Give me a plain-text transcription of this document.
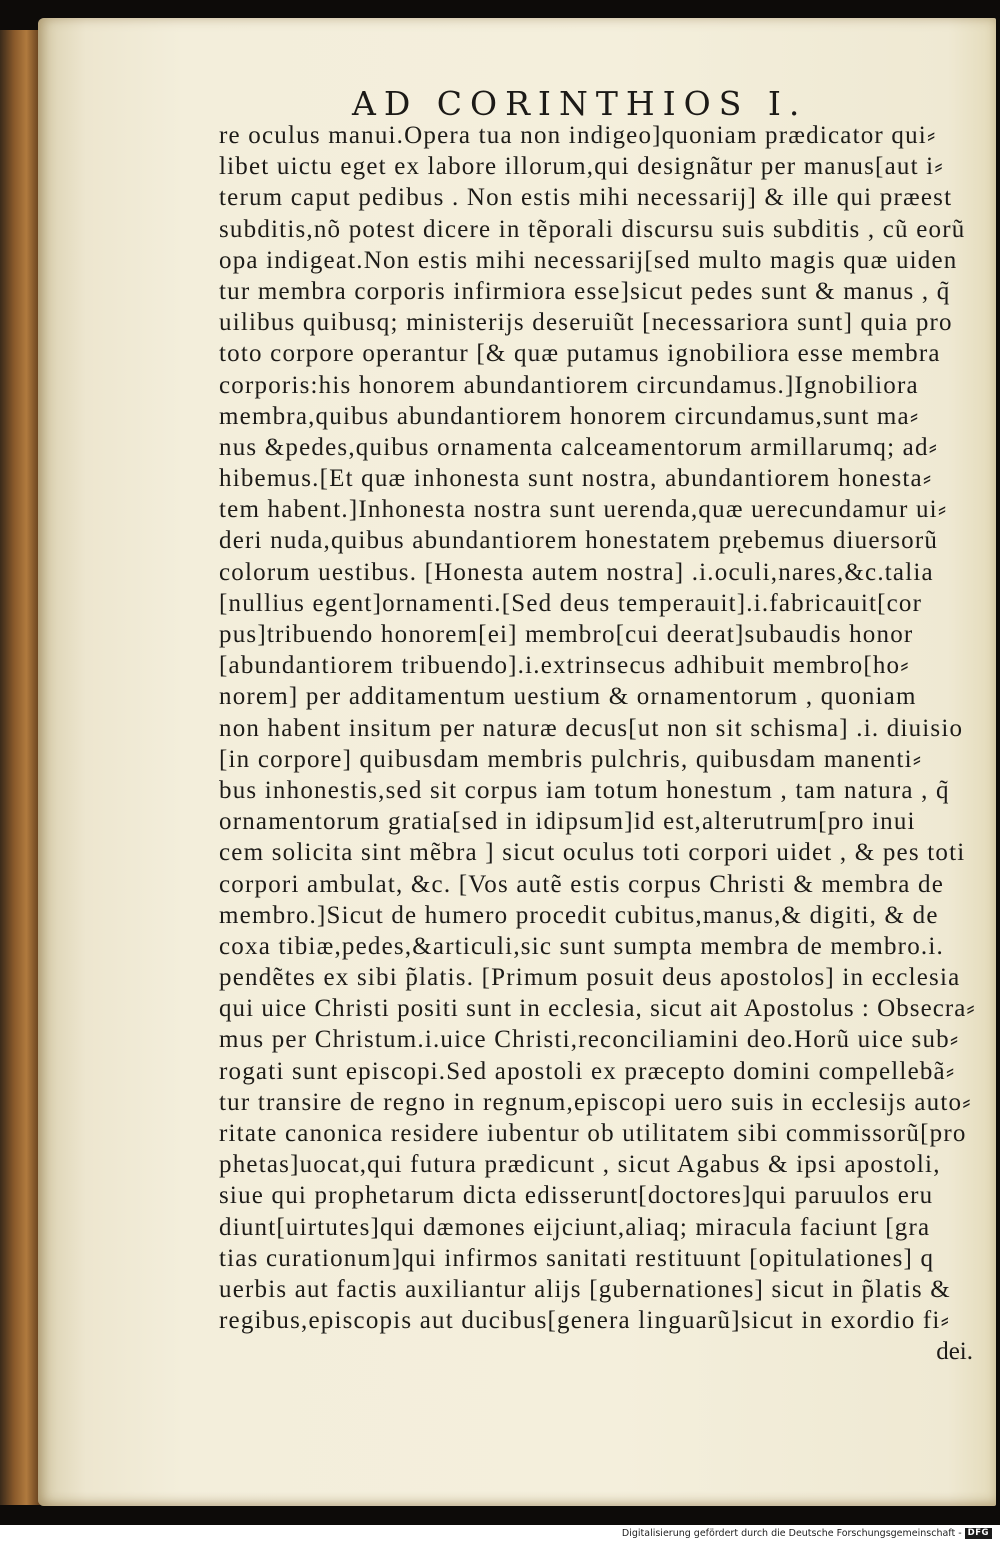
AD CORINTHIOS I.
re oculus manui.Opera tua non indigeo]quoniam prædicator qui⸗
libet uictu eget ex labore illorum,qui designãtur per manus[aut i⸗
terum caput pedibus . Non estis mihi necessarij] & ille qui præest
subditis,nõ potest dicere in tẽporali discursu suis subditis , cũ eorũ
opa indigeat.Non estis mihi necessarij[sed multo magis quæ uiden
tur membra corporis infirmiora esse]sicut pedes sunt & manus , q̃
uilibus quibusq; ministerijs deseruiũt [necessariora sunt] quia pro
toto corpore operantur [& quæ putamus ignobiliora esse membra
corporis:his honorem abundantiorem circundamus.]Ignobiliora
membra,quibus abundantiorem honorem circundamus,sunt ma⸗
nus &pedes,quibus ornamenta calceamentorum armillarumq; ad⸗
hibemus.[Et quæ inhonesta sunt nostra, abundantiorem honesta⸗
tem habent.]Inhonesta nostra sunt uerenda,quæ uerecundamur ui⸗
deri nuda,quibus abundantiorem honestatem pr̨ebemus diuersorũ
colorum uestibus. [Honesta autem nostra] .i.oculi,nares,&c.talia
[nullius egent]ornamenti.[Sed deus temperauit].i.fabricauit[cor
pus]tribuendo honorem[ei] membro[cui deerat]subaudis honor
[abundantiorem tribuendo].i.extrinsecus adhibuit membro[ho⸗
norem] per additamentum uestium & ornamentorum , quoniam
non habent insitum per naturæ decus[ut non sit schisma] .i. diuisio
[in corpore] quibusdam membris pulchris, quibusdam manenti⸗
bus inhonestis,sed sit corpus iam totum honestum , tam natura , q̃
ornamentorum gratia[sed in idipsum]id est,alterutrum[pro inui
cem solicita sint mẽbra ] sicut oculus toti corpori uidet , & pes toti
corpori ambulat, &c. [Vos autẽ estis corpus Christi & membra de
membro.]Sicut de humero procedit cubitus,manus,& digiti, & de
coxa tibiæ,pedes,&articuli,sic sunt sumpta membra de membro.i.
pendẽtes ex sibi p̃latis. [Primum posuit deus apostolos] in ecclesia
qui uice Christi positi sunt in ecclesia, sicut ait Apostolus : Obsecra⸗
mus per Christum.i.uice Christi,reconciliamini deo.Horũ uice sub⸗
rogati sunt episcopi.Sed apostoli ex præcepto domini compellebã⸗
tur transire de regno in regnum,episcopi uero suis in ecclesijs auto⸗
ritate canonica residere iubentur ob utilitatem sibi commissorũ[pro
phetas]uocat,qui futura prædicunt , sicut Agabus & ipsi apostoli,
siue qui prophetarum dicta edisserunt[doctores]qui paruulos eru
diunt[uirtutes]qui dæmones eijciunt,aliaq; miracula faciunt [gra
tias curationum]qui infirmos sanitati restituunt [opitulationes] q
uerbis aut factis auxiliantur alijs [gubernationes] sicut in p̃latis &
regibus,episcopis aut ducibus[genera linguarũ]sicut in exordio fi⸗
dei.
Digitalisierung gefördert durch die Deutsche Forschungsgemeinschaft - DFG
